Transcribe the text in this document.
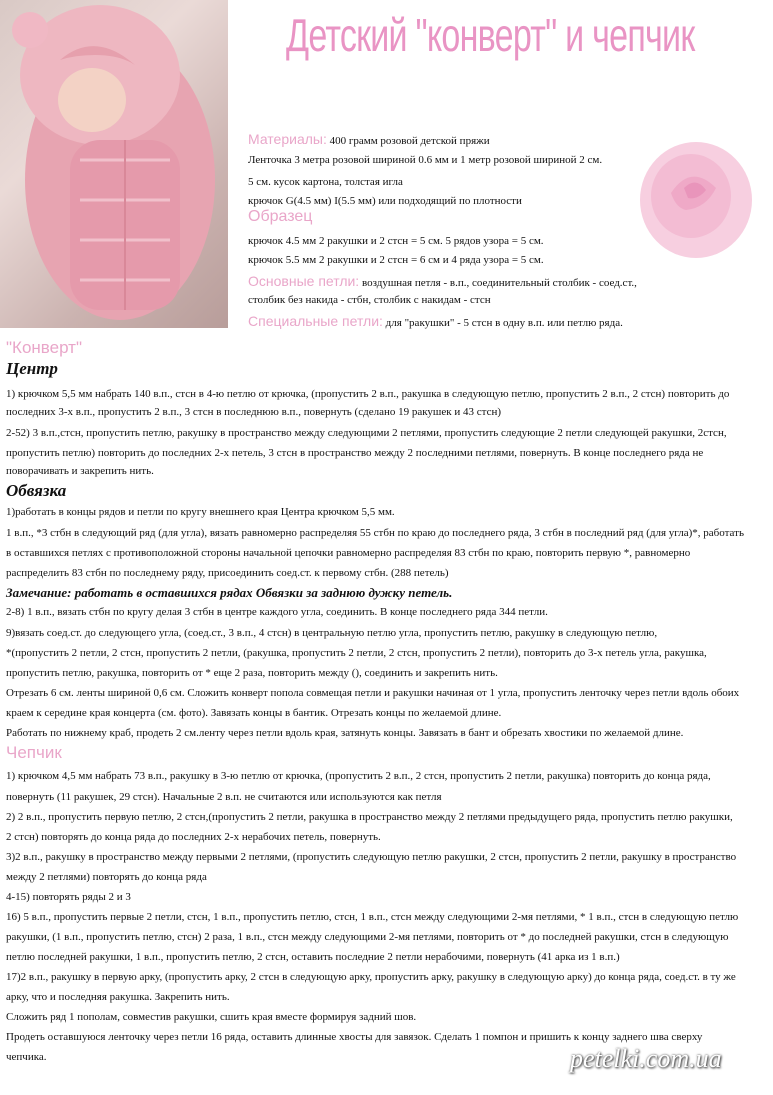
Детский "конверт" и чепчик
Материалы: 400 грамм розовой детской пряжи
Ленточка 3 метра розовой шириной 0.6 мм и 1 метр розовой шириной 2 см.
5 см. кусок картона, толстая игла
крючок G(4.5 мм) I(5.5 мм) или подходящий по плотности
Образец
крючок 4.5 мм 2 ракушки и 2 стсн = 5 см. 5 рядов узора = 5 см.
крючок 5.5 мм 2 ракушки и 2 стсн = 6 см и 4 ряда узора = 5 см.
Основные петли: воздушная петля - в.п., соединительный столбик - соед.ст.,
столбик без накида - стбн, столбик с накидам - стсн
Специальные петли: для "ракушки" - 5 стсн в одну в.п. или петлю ряда.
"Конверт"
Центр
1) крючком 5,5 мм набрать 140 в.п., стсн в 4-ю петлю от крючка, (пропустить 2 в.п., ракушка в следующую петлю, пропустить 2 в.п., 2 стсн) повторить до
последних 3-х в.п., пропустить 2 в.п., 3 стсн в последнюю в.п., повернуть (сделано 19 ракушек и 43 стсн)
2-52) 3 в.п.,стсн, пропустить петлю, ракушку в пространство между следующими 2 петлями, пропустить следующие 2 петли следующей ракушки, 2стсн,
пропустить петлю) повторить до последних 2-х петель, 3 стсн в пространство между 2 последними петлями, повернуть. В конце последнего ряда не
поворачивать и закрепить нить.
Обвязка
1)работать в концы рядов и петли по кругу внешнего края Центра крючком 5,5 мм.
1 в.п., *3 стбн в следующий ряд (для угла), вязать равномерно распределяя 55 стбн по краю до последнего ряда, 3 стбн в последний ряд (для угла)*, работать
в оставшихся петлях с противоположной стороны начальной цепочки равномерно распределяя 83 стбн по краю, повторить первую *, равномерно
распределить 83 стбн по последнему ряду, присоединить соед.ст. к первому стбн. (288 петель)
Замечание: работать в оставшихся рядах Обвязки за заднюю дужку петель.
2-8) 1 в.п., вязать стбн по кругу делая 3 стбн в центре каждого угла, соединить. В конце последнего ряда 344 петли.
9)вязать соед.ст. до следующего угла, (соед.ст., 3 в.п., 4 стсн) в центральную петлю угла, пропустить петлю, ракушку в следующую петлю,
*(пропустить 2 петли, 2 стсн, пропустить 2 петли, (ракушка, пропустить 2 петли, 2 стсн, пропустить 2 петли), повторить до 3-х петель угла, ракушка,
пропустить петлю, ракушка, повторить от * еще 2 раза, повторить между (), соединить и закрепить нить.
Отрезать 6 см. ленты шириной 0,6 см. Сложить конверт попола совмещая петли и ракушки начиная от 1 угла, пропустить ленточку через петли вдоль обоих
краем к середине края концерта (см. фото). Завязать концы в бантик. Отрезать концы по желаемой длине.
Работать по нижнему краб, продеть 2 см.ленту через петли вдоль края, затянуть концы. Завязать в бант и обрезать хвостики по желаемой длине.
Чепчик
1) крючком 4,5 мм набрать 73 в.п., ракушку в 3-ю петлю от крючка, (пропустить 2 в.п., 2 стсн, пропустить 2 петли, ракушка) повторить до конца ряда,
повернуть (11 ракушек, 29 стсн). Начальные 2 в.п. не считаются или используются как петля
2) 2 в.п., пропустить первую петлю, 2 стсн,(пропустить 2 петли, ракушка в пространство между 2 петлями предыдущего ряда, пропустить петлю ракушки,
2 стсн) повторять до конца ряда до последних 2-х нерабочих петель, повернуть.
3)2 в.п., ракушку в пространство между первыми 2 петлями, (пропустить следующую петлю ракушки, 2 стсн, пропустить 2 петли, ракушку в пространство
между 2 петлями) повторять до конца ряда
4-15) повторять ряды 2 и 3
16) 5 в.п., пропустить первые 2 петли, стсн, 1 в.п., пропустить петлю, стсн, 1 в.п., стсн между следующими 2-мя петлями, * 1 в.п., стсн в следующую петлю
ракушки, (1 в.п., пропустить петлю, стсн) 2 раза, 1 в.п., стсн между следующими 2-мя петлями, повторить от * до последней ракушки, стсн в следующую
петлю последней ракушки, 1 в.п., пропустить петлю, 2 стсн, оставить последние 2 петли нерабочими, повернуть (41 арка из 1 в.п.)
17)2 в.п., ракушку в первую арку, (пропустить арку, 2 стсн в следующую арку, пропустить арку, ракушку в следующую арку) до конца ряда, соед.ст. в ту же
арку, что и последняя ракушка. Закрепить нить.
Сложить ряд 1 пополам, совместив ракушки, сшить края вместе формируя задний шов.
Продеть оставшуюся ленточку через петли 16 ряда, оставить длинные хвосты для завязок. Сделать 1 помпон и пришить к концу заднего шва сверху
чепчика.	petelki.com.ua
